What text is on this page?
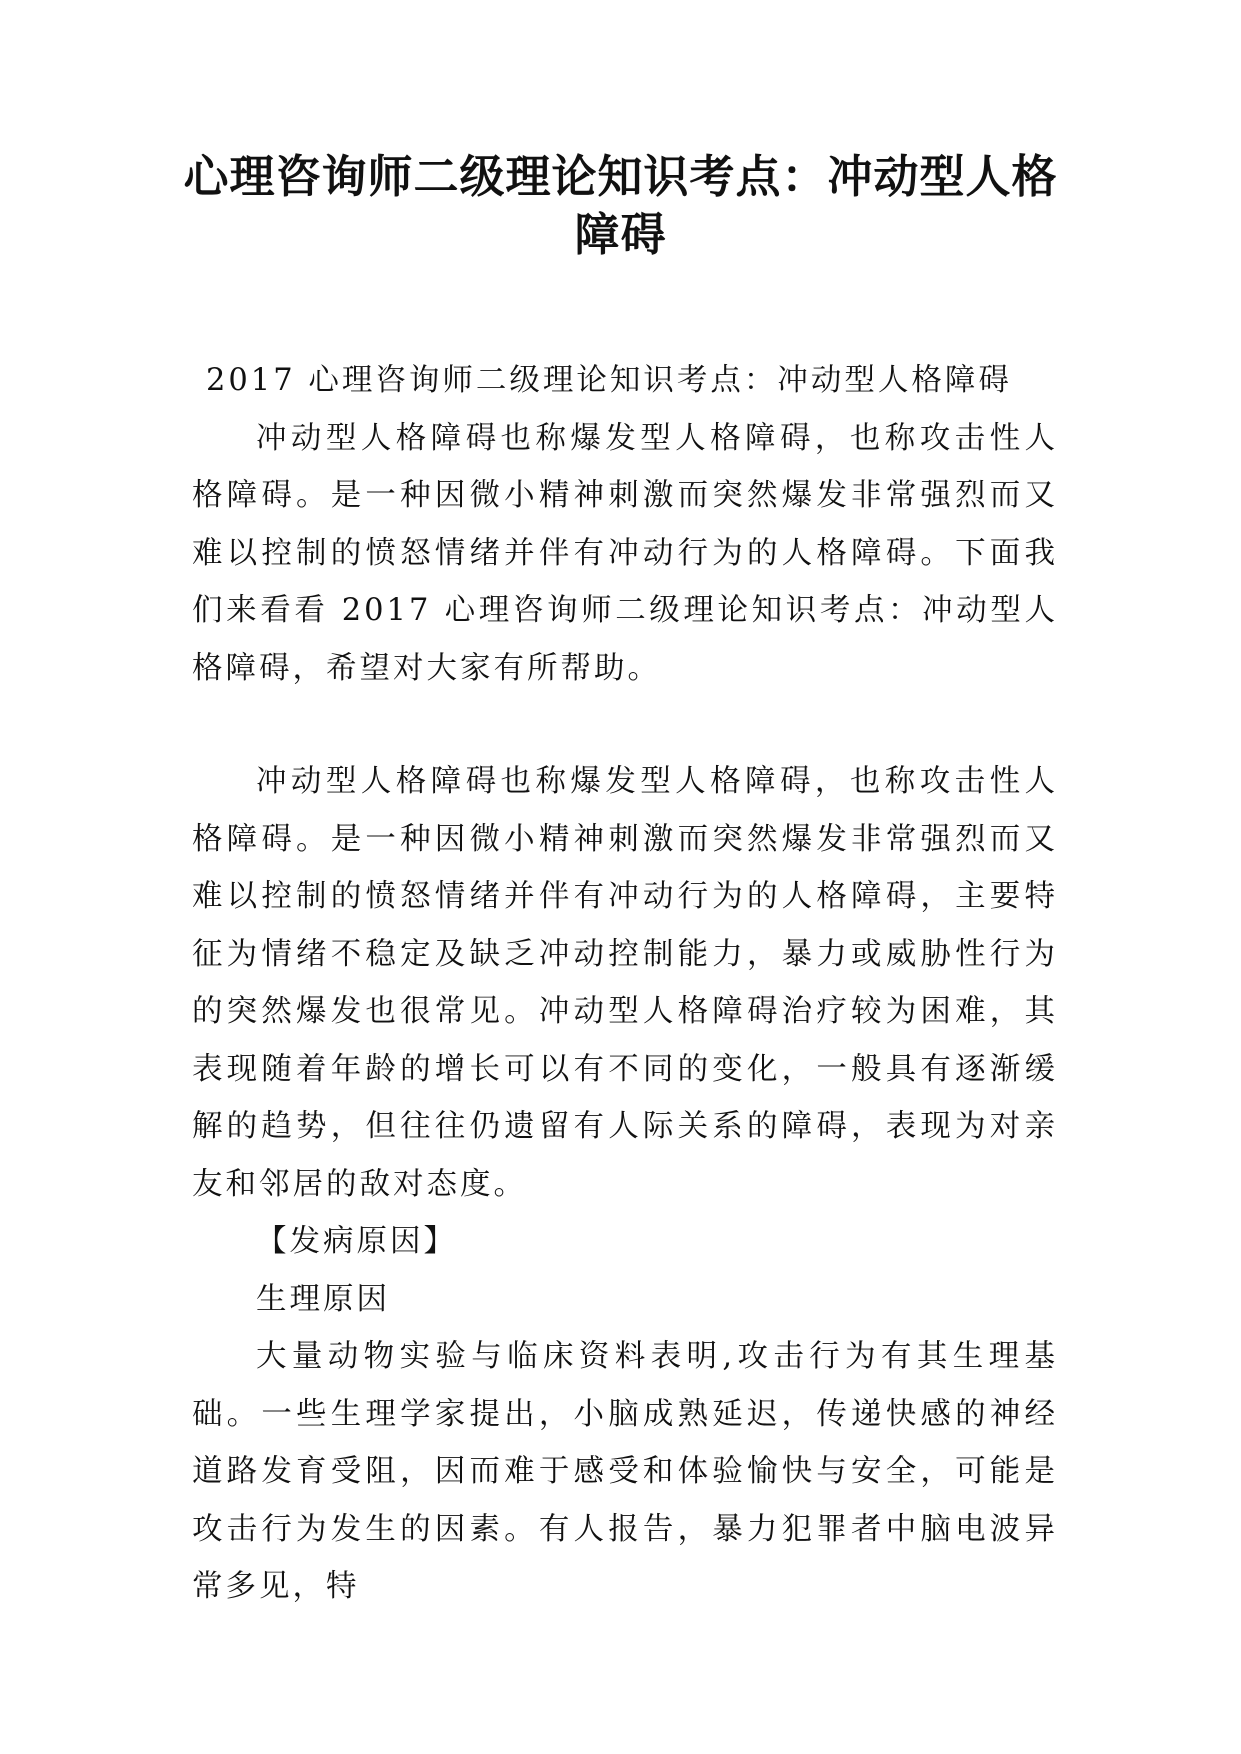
心理咨询师二级理论知识考点：冲动型人格
障碍

2017 心理咨询师二级理论知识考点：冲动型人格障碍

冲动型人格障碍也称爆发型人格障碍，也称攻击性人格障碍。是一种因微小精神刺激而突然爆发非常强烈而又难以控制的愤怒情绪并伴有冲动行为的人格障碍。下面我们来看看 2017 心理咨询师二级理论知识考点：冲动型人格障碍，希望对大家有所帮助。

冲动型人格障碍也称爆发型人格障碍，也称攻击性人格障碍。是一种因微小精神刺激而突然爆发非常强烈而又难以控制的愤怒情绪并伴有冲动行为的人格障碍，主要特征为情绪不稳定及缺乏冲动控制能力，暴力或威胁性行为的突然爆发也很常见。冲动型人格障碍治疗较为困难，其表现随着年龄的增长可以有不同的变化，一般具有逐渐缓解的趋势，但往往仍遗留有人际关系的障碍，表现为对亲友和邻居的敌对态度。

【发病原因】

生理原因

大量动物实验与临床资料表明,攻击行为有其生理基础。一些生理学家提出，小脑成熟延迟，传递快感的神经道路发育受阻，因而难于感受和体验愉快与安全，可能是攻击行为发生的因素。有人报告，暴力犯罪者中脑电波异常多见，特
